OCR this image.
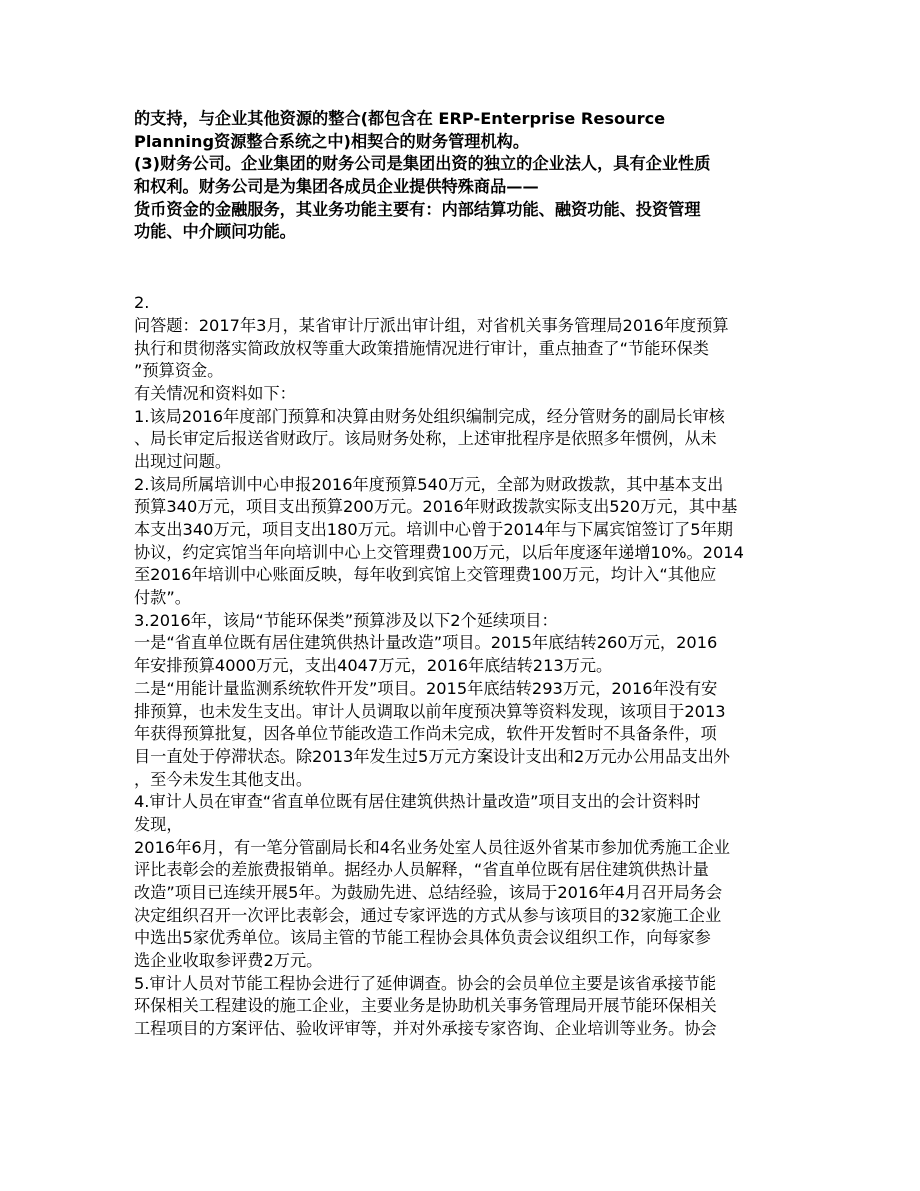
的支持，与企业其他资源的整合(都包含在 ERP-Enterprise Resource
Planning资源整合系统之中)相契合的财务管理机构。
(3)财务公司。企业集团的财务公司是集团出资的独立的企业法人，具有企业性质
和权利。财务公司是为集团各成员企业提供特殊商品——
货币资金的金融服务，其业务功能主要有：内部结算功能、融资功能、投资管理
功能、中介顾问功能。
2.
问答题：2017年3月，某省审计厅派出审计组，对省机关事务管理局2016年度预算
执行和贯彻落实简政放权等重大政策措施情况进行审计，重点抽查了“节能环保类
”预算资金。
有关情况和资料如下：
1.该局2016年度部门预算和决算由财务处组织编制完成，经分管财务的副局长审核
、局长审定后报送省财政厅。该局财务处称，上述审批程序是依照多年惯例，从未
出现过问题。
2.该局所属培训中心申报2016年度预算540万元，全部为财政拨款，其中基本支出
预算340万元，项目支出预算200万元。2016年财政拨款实际支出520万元，其中基
本支出340万元，项目支出180万元。培训中心曾于2014年与下属宾馆签订了5年期
协议，约定宾馆当年向培训中心上交管理费100万元，以后年度逐年递增10%。2014
至2016年培训中心账面反映，每年收到宾馆上交管理费100万元，均计入“其他应
付款”。
3.2016年，该局“节能环保类”预算涉及以下2个延续项目：
一是“省直单位既有居住建筑供热计量改造”项目。2015年底结转260万元，2016
年安排预算4000万元，支出4047万元，2016年底结转213万元。
二是“用能计量监测系统软件开发”项目。2015年底结转293万元，2016年没有安
排预算，也未发生支出。审计人员调取以前年度预决算等资料发现，该项目于2013
年获得预算批复，因各单位节能改造工作尚未完成，软件开发暂时不具备条件，项
目一直处于停滞状态。除2013年发生过5万元方案设计支出和2万元办公用品支出外
，至今未发生其他支出。
4.审计人员在审查“省直单位既有居住建筑供热计量改造”项目支出的会计资料时
发现，
2016年6月，有一笔分管副局长和4名业务处室人员往返外省某市参加优秀施工企业
评比表彰会的差旅费报销单。据经办人员解释，“省直单位既有居住建筑供热计量
改造”项目已连续开展5年。为鼓励先进、总结经验，该局于2016年4月召开局务会
决定组织召开一次评比表彰会，通过专家评选的方式从参与该项目的32家施工企业
中选出5家优秀单位。该局主管的节能工程协会具体负责会议组织工作，向每家参
选企业收取参评费2万元。
5.审计人员对节能工程协会进行了延伸调查。协会的会员单位主要是该省承接节能
环保相关工程建设的施工企业，主要业务是协助机关事务管理局开展节能环保相关
工程项目的方案评估、验收评审等，并对外承接专家咨询、企业培训等业务。协会
